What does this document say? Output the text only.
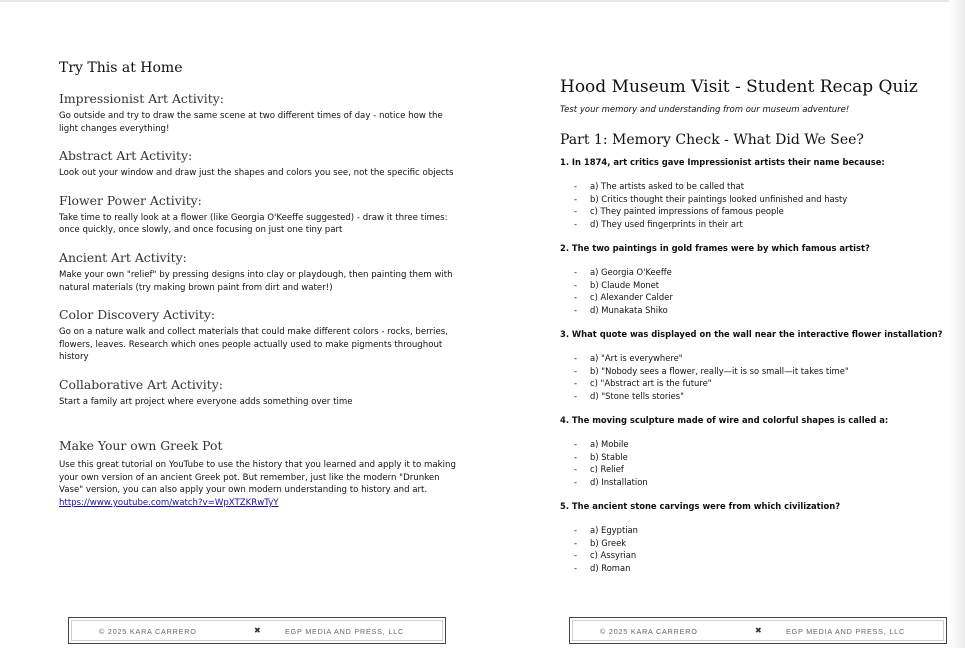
Try This at Home
Impressionist Art Activity:
Go outside and try to draw the same scene at two different times of day - notice how the light changes everything!
Abstract Art Activity:
Look out your window and draw just the shapes and colors you see, not the specific objects
Flower Power Activity:
Take time to really look at a flower (like Georgia O'Keeffe suggested) - draw it three times: once quickly, once slowly, and once focusing on just one tiny part
Ancient Art Activity:
Make your own "relief" by pressing designs into clay or playdough, then painting them with natural materials (try making brown paint from dirt and water!)
Color Discovery Activity:
Go on a nature walk and collect materials that could make different colors - rocks, berries, flowers, leaves. Research which ones people actually used to make pigments throughout history
Collaborative Art Activity:
Start a family art project where everyone adds something over time
Make Your own Greek Pot
Use this great tutorial on YouTube to use the history that you learned and apply it to making your own version of an ancient Greek pot. But remember, just like the modern "Drunken Vase" version, you can also apply your own modern understanding to history and art.
https://www.youtube.com/watch?v=WpXTZKRwTyY
Hood Museum Visit - Student Recap Quiz
Test your memory and understanding from our museum adventure!
Part 1: Memory Check - What Did We See?
1. In 1874, art critics gave Impressionist artists their name because:
- a) The artists asked to be called that
- b) Critics thought their paintings looked unfinished and hasty
- c) They painted impressions of famous people
- d) They used fingerprints in their art
2. The two paintings in gold frames were by which famous artist?
- a) Georgia O'Keeffe
- b) Claude Monet
- c) Alexander Calder
- d) Munakata Shiko
3. What quote was displayed on the wall near the interactive flower installation?
- a) "Art is everywhere"
- b) "Nobody sees a flower, really—it is so small—it takes time"
- c) "Abstract art is the future"
- d) "Stone tells stories"
4. The moving sculpture made of wire and colorful shapes is called a:
- a) Mobile
- b) Stable
- c) Relief
- d) Installation
5. The ancient stone carvings were from which civilization?
- a) Egyptian
- b) Greek
- c) Assyrian
- d) Roman
© 2025 KARA CARRERO	✖	EGP MEDIA AND PRESS, LLC	© 2025 KARA CARRERO	✖	EGP MEDIA AND PRESS, LLC
